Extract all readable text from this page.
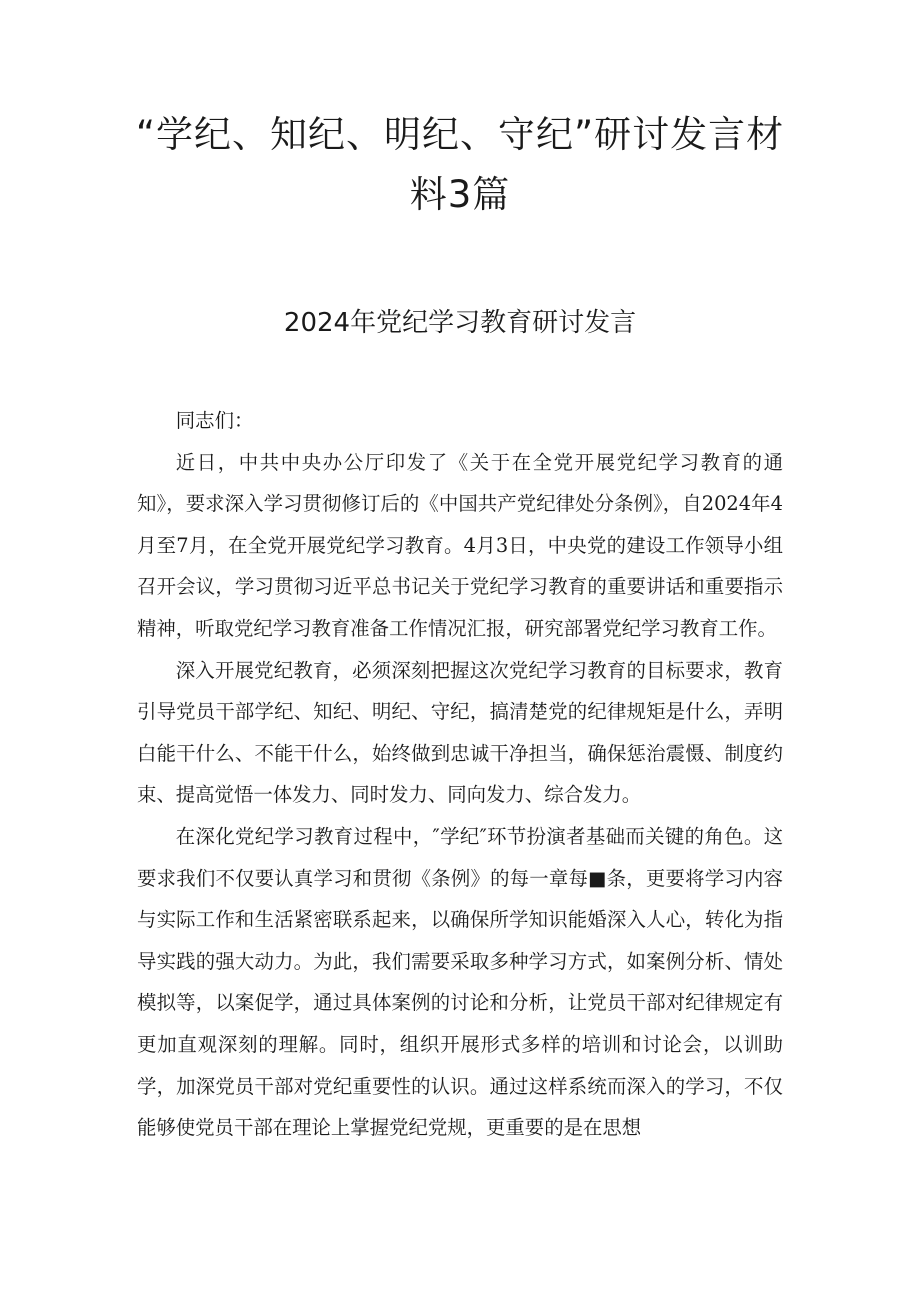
“学纪、知纪、明纪、守纪”研讨发言材
料3篇
2024年党纪学习教育研讨发言

同志们：

近日，中共中央办公厅印发了《关于在全党开展党纪学习教育的通知》，要求深入学习贯彻修订后的《中国共产党纪律处分条例》，自2024年4月至7月，在全党开展党纪学习教育。4月3日，中央党的建设工作领导小组召开会议，学习贯彻习近平总书记关于党纪学习教育的重要讲话和重要指示精神，听取党纪学习教育准备工作情况汇报，研究部署党纪学习教育工作。

深入开展党纪教育，必须深刻把握这次党纪学习教育的目标要求，教育引导党员干部学纪、知纪、明纪、守纪，搞清楚党的纪律规矩是什么，弄明白能干什么、不能干什么，始终做到忠诚干净担当，确保惩治震慑、制度约束、提高觉悟一体发力、同时发力、同向发力、综合发力。

在深化党纪学习教育过程中，″学纪″环节扮演者基础而关键的角色。这要求我们不仅要认真学习和贯彻《条例》的每一章每■条，更要将学习内容与实际工作和生活紧密联系起来，以确保所学知识能婚深入人心，转化为指导实践的强大动力。为此，我们需要采取多种学习方式，如案例分析、情处模拟等，以案促学，通过具体案例的讨论和分析，让党员干部对纪律规定有更加直观深刻的理解。同时，组织开展形式多样的培训和讨论会，以训助学，加深党员干部对党纪重要性的认识。通过这样系统而深入的学习，不仅能够使党员干部在理论上掌握党纪党规，更重要的是在思想
